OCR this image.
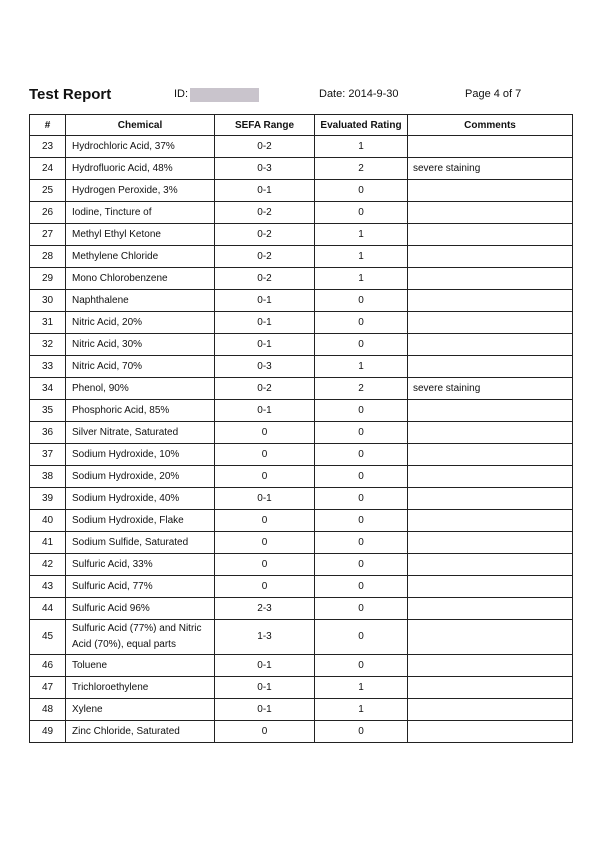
Test Report	ID:	Date: 2014-9-30	Page 4 of 7
#	Chemical	SEFA Range	Evaluated Rating	Comments
23	Hydrochloric Acid, 37%	0-2	1	
24	Hydrofluoric Acid, 48%	0-3	2	severe staining
25	Hydrogen Peroxide, 3%	0-1	0	
26	Iodine, Tincture of	0-2	0	
27	Methyl Ethyl Ketone	0-2	1	
28	Methylene Chloride	0-2	1	
29	Mono Chlorobenzene	0-2	1	
30	Naphthalene	0-1	0	
31	Nitric Acid, 20%	0-1	0	
32	Nitric Acid, 30%	0-1	0	
33	Nitric Acid, 70%	0-3	1	
34	Phenol, 90%	0-2	2	severe staining
35	Phosphoric Acid, 85%	0-1	0	
36	Silver Nitrate, Saturated	0	0	
37	Sodium Hydroxide, 10%	0	0	
38	Sodium Hydroxide, 20%	0	0	
39	Sodium Hydroxide, 40%	0-1	0	
40	Sodium Hydroxide, Flake	0	0	
41	Sodium Sulfide, Saturated	0	0	
42	Sulfuric Acid, 33%	0	0	
43	Sulfuric Acid, 77%	0	0	
44	Sulfuric Acid 96%	2-3	0	
45	Sulfuric Acid (77%) and Nitric Acid (70%), equal parts	1-3	0	
46	Toluene	0-1	0	
47	Trichloroethylene	0-1	1	
48	Xylene	0-1	1	
49	Zinc Chloride, Saturated	0	0	
